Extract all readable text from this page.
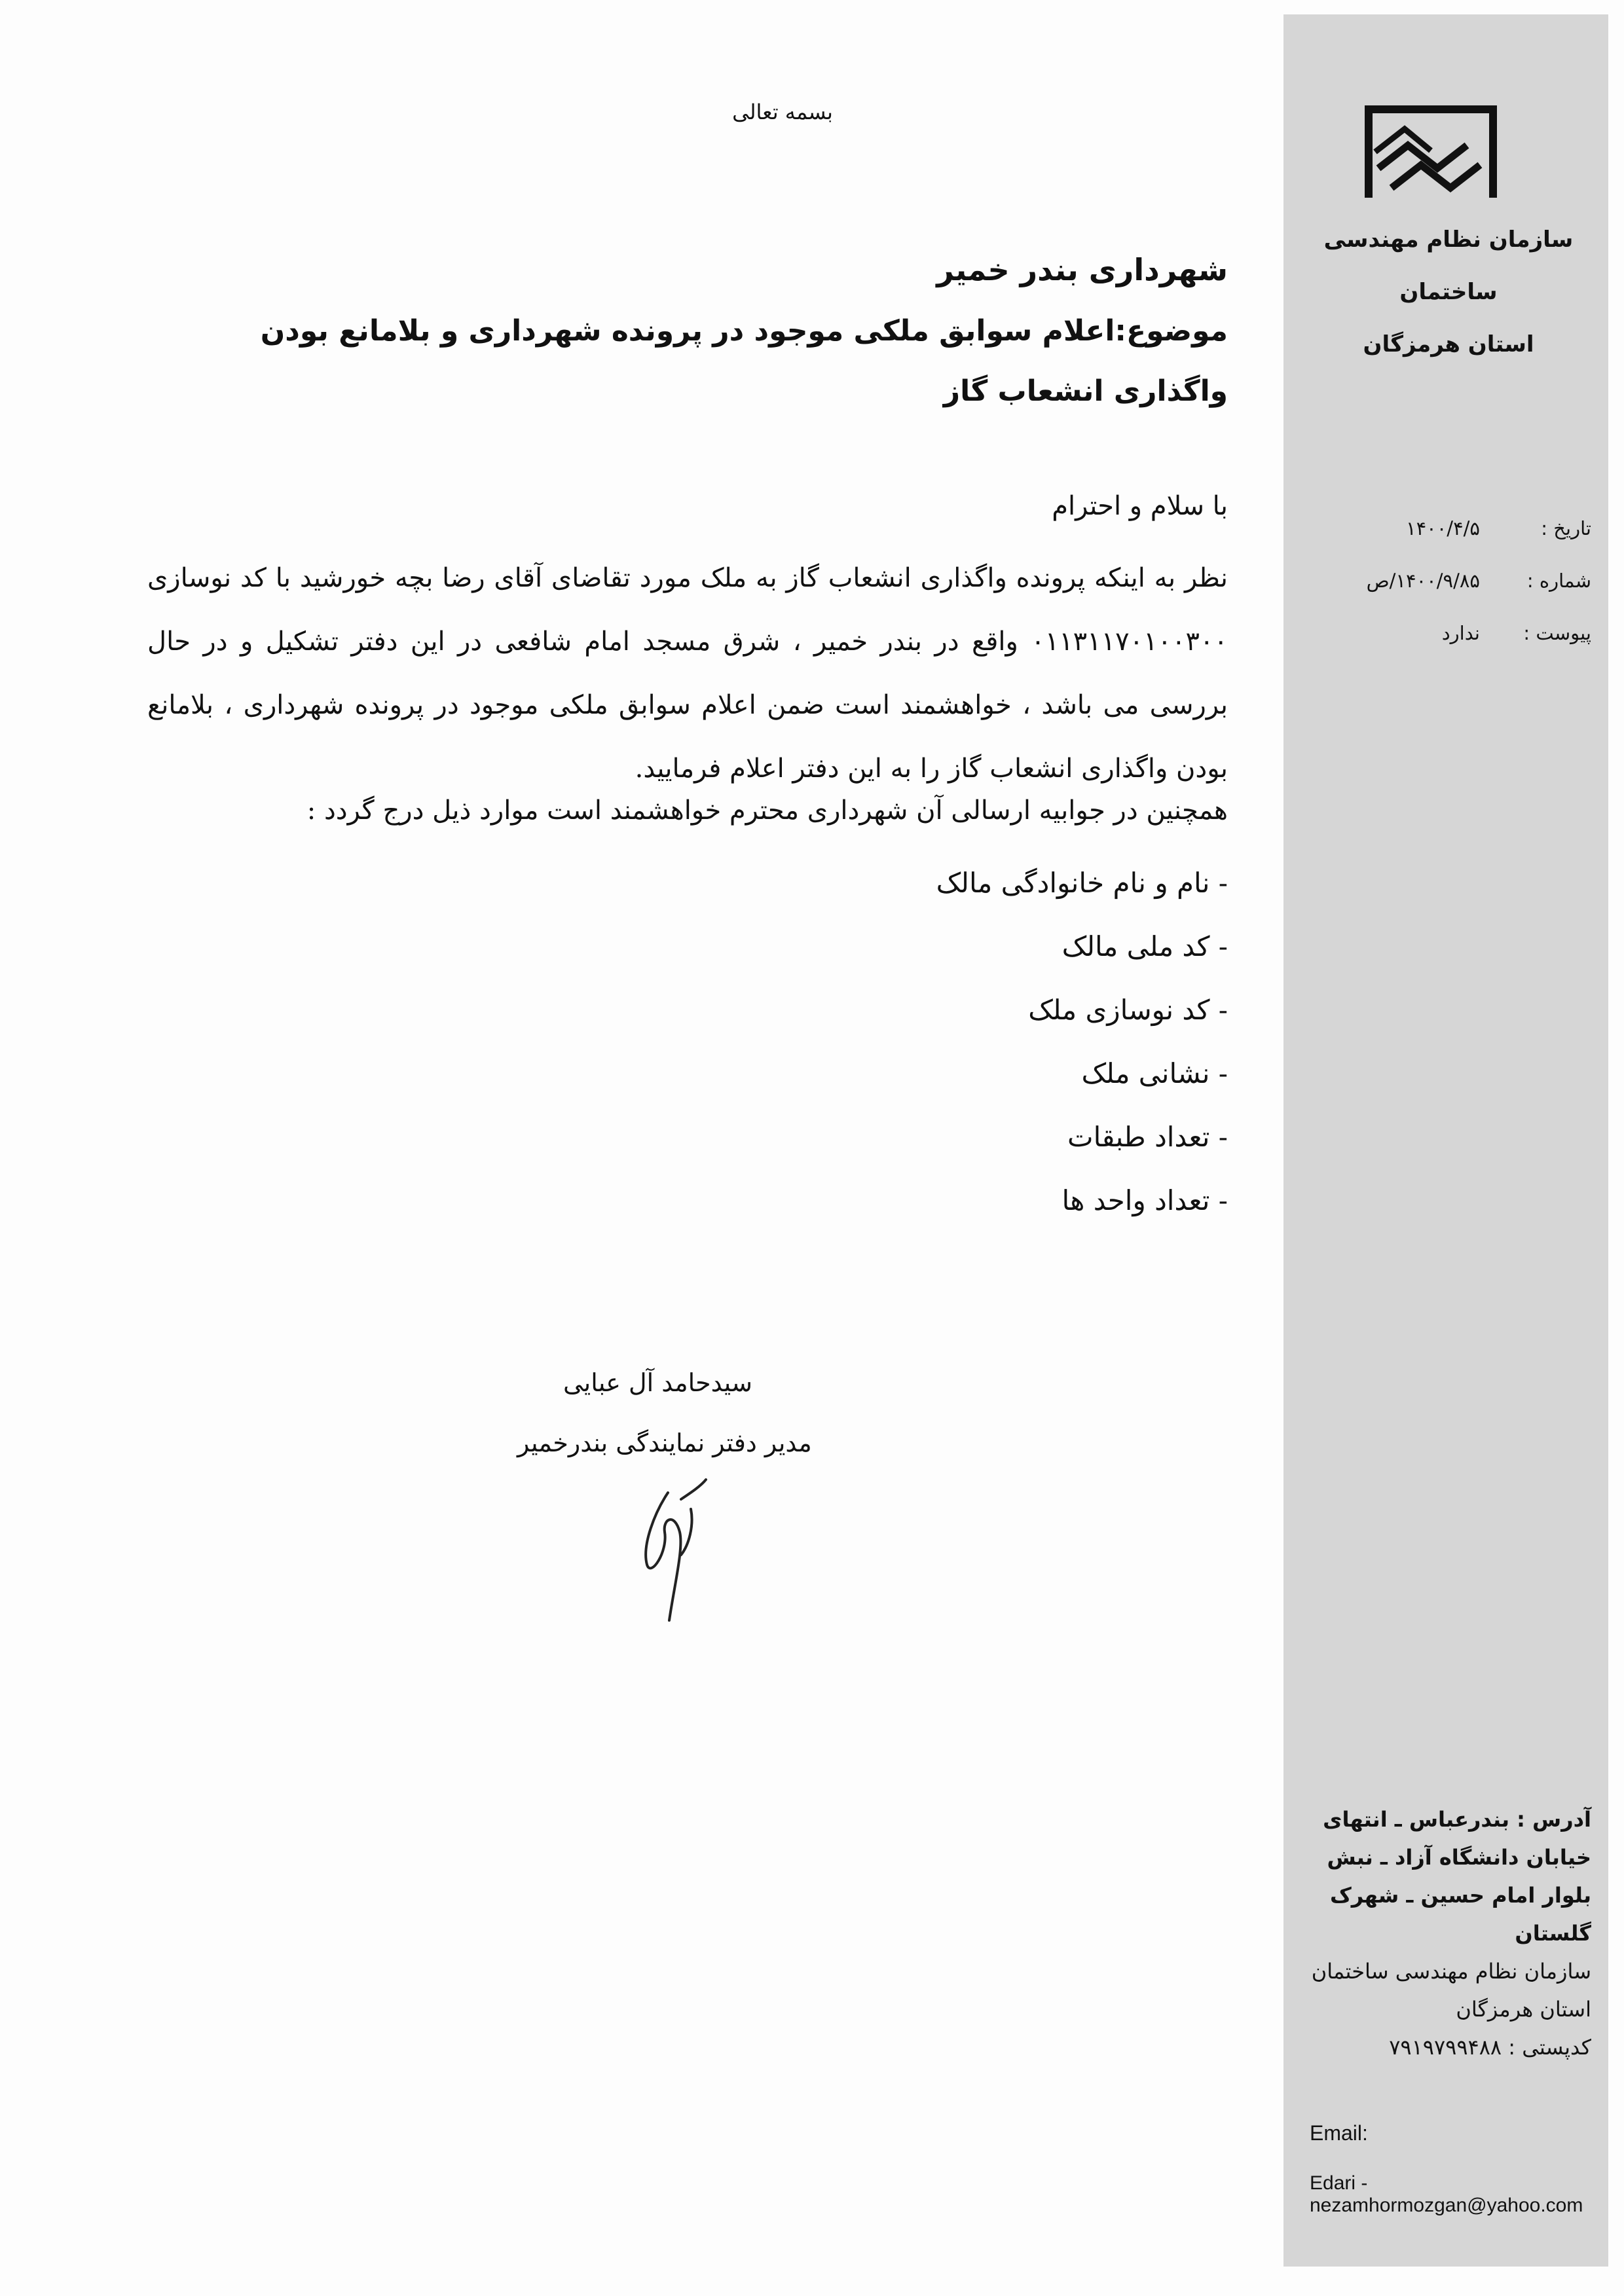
سازمان نظام مهندسی ساختمان
استان هرمزگان
تاریخ :
۱۴۰۰/۴/۵
شماره :
۱۴۰۰/۹/۸۵/ص
پیوست :
ندارد
آدرس : بندرعباس ـ انتهای
خیابان دانشگاه آزاد ـ نبش
بلوار امام حسین ـ شهرک
گلستان
سازمان نظام مهندسی ساختمان
استان هرمزگان
کدپستی : ۷۹۱۹۷۹۹۴۸۸
Email:
Edari - nezamhormozgan@yahoo.com
بسمه تعالی
شهرداری بندر خمیر
موضوع:اعلام سوابق ملکی موجود در پرونده شهرداری و بلامانع بودن واگذاری انشعاب گاز
با سلام و احترام
نظر به اینکه پرونده واگذاری انشعاب گاز به ملک مورد تقاضای آقای رضا بچه خورشید با کد نوسازی ۰۱۱۳۱۱۷۰۱۰۰۳۰۰ واقع در بندر خمیر ، شرق مسجد امام شافعی در این دفتر تشکیل و در حال بررسی می باشد ، خواهشمند است ضمن اعلام سوابق ملکی موجود در پرونده شهرداری ، بلامانع بودن واگذاری انشعاب گاز را به این دفتر اعلام فرمایید.
همچنین در جوابیه ارسالی آن شهرداری محترم خواهشمند است موارد ذیل درج گردد :
- نام و نام خانوادگی مالک
- کد ملی مالک
- کد نوسازی ملک
- نشانی ملک
- تعداد طبقات
- تعداد واحد ها
سیدحامد آل عبایی
مدیر دفتر نمایندگی بندرخمیر
